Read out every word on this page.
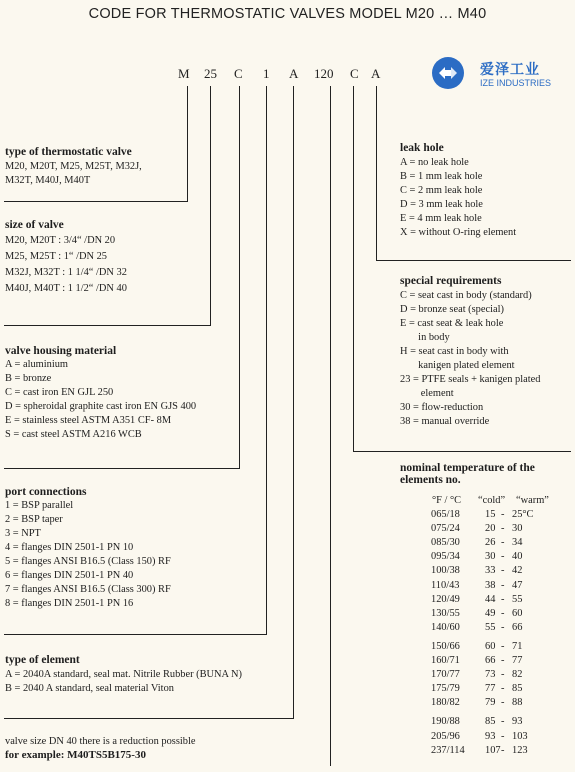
CODE FOR THERMOSTATIC VALVES MODEL M20 … M40
M 25 C 1 A 120 C A	爱泽工业
IZE INDUSTRIES
type of thermostatic valve
M20, M20T, M25, M25T, M32J,
M32T, M40J, M40T
size of valve
M20, M20T : 3/4“ /DN 20
M25, M25T : 1“ /DN 25
M32J, M32T : 1 1/4“ /DN 32
M40J, M40T : 1 1/2“ /DN 40
valve housing material
A = aluminium
B = bronze
C = cast iron EN GJL 250
D = spheroidal graphite cast iron EN GJS 400
E = stainless steel ASTM A351 CF- 8M
S = cast steel ASTM A216 WCB
port connections
1 = BSP parallel
2 = BSP taper
3 = NPT
4 = flanges DIN 2501-1 PN 10
5 = flanges ANSI B16.5 (Class 150) RF
6 = flanges DIN 2501-1 PN 40
7 = flanges ANSI B16.5 (Class 300) RF
8 = flanges DIN 2501-1 PN 16
type of element
A = 2040A standard, seal mat. Nitrile Rubber (BUNA N)
B = 2040 A standard, seal material Viton
valve size DN 40 there is a reduction possible
for example: M40TS5B175-30
leak hole
A = no leak hole
B = 1 mm leak hole
C = 2 mm leak hole
D = 3 mm leak hole
E = 4 mm leak hole
X = without O-ring element
special requirements
C = seat cast in body (standard)
D = bronze seat (special)
E = cast seat & leak hole
in body
H = seat cast in body with
kanigen plated element
23 = PTFE seals + kanigen plated
element
30 = flow-reduction
38 = manual override
nominal temperature of the
elements no.
°F / °C “cold” “warm”
065/18 15 - 25°C
075/24 20 - 30
085/30 26 - 34
095/34 30 - 40
100/38 33 - 42
110/43 38 - 47
120/49 44 - 55
130/55 49 - 60
140/60 55 - 66
150/66 60 - 71
160/71 66 - 77
170/77 73 - 82
175/79 77 - 85
180/82 79 - 88
190/88 85 - 93
205/96 93 - 103
237/114 107 - 123
